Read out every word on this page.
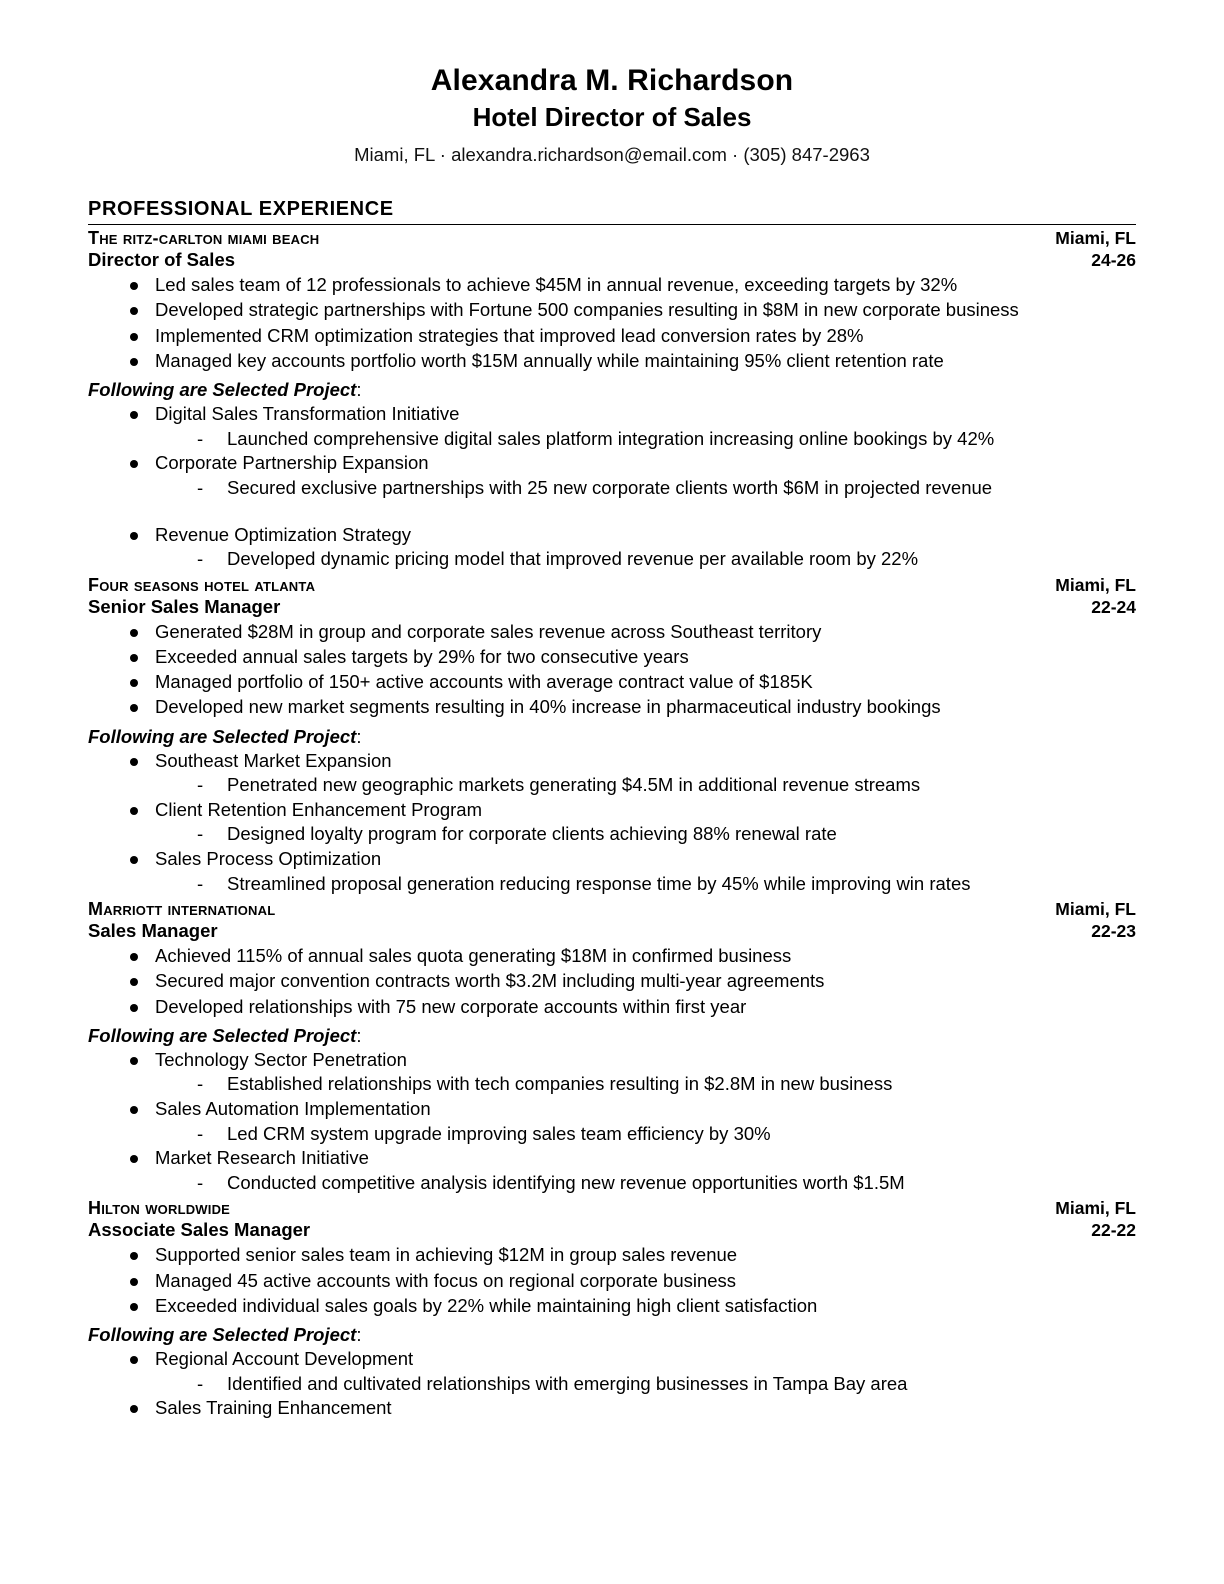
Alexandra M. Richardson
Hotel Director of Sales
Miami, FL · alexandra.richardson@email.com · (305) 847-2963
PROFESSIONAL EXPERIENCE
The ritz-carlton miami beach	Miami, FL
Director of Sales	24-26
Led sales team of 12 professionals to achieve $45M in annual revenue, exceeding targets by 32%
Developed strategic partnerships with Fortune 500 companies resulting in $8M in new corporate business
Implemented CRM optimization strategies that improved lead conversion rates by 28%
Managed key accounts portfolio worth $15M annually while maintaining 95% client retention rate
Following are Selected Project:
Digital Sales Transformation Initiative
- Launched comprehensive digital sales platform integration increasing online bookings by 42%
Corporate Partnership Expansion
- Secured exclusive partnerships with 25 new corporate clients worth $6M in projected revenue
Revenue Optimization Strategy
- Developed dynamic pricing model that improved revenue per available room by 22%
Four seasons hotel atlanta	Miami, FL
Senior Sales Manager	22-24
Generated $28M in group and corporate sales revenue across Southeast territory
Exceeded annual sales targets by 29% for two consecutive years
Managed portfolio of 150+ active accounts with average contract value of $185K
Developed new market segments resulting in 40% increase in pharmaceutical industry bookings
Following are Selected Project:
Southeast Market Expansion
- Penetrated new geographic markets generating $4.5M in additional revenue streams
Client Retention Enhancement Program
- Designed loyalty program for corporate clients achieving 88% renewal rate
Sales Process Optimization
- Streamlined proposal generation reducing response time by 45% while improving win rates
Marriott international	Miami, FL
Sales Manager	22-23
Achieved 115% of annual sales quota generating $18M in confirmed business
Secured major convention contracts worth $3.2M including multi-year agreements
Developed relationships with 75 new corporate accounts within first year
Following are Selected Project:
Technology Sector Penetration
- Established relationships with tech companies resulting in $2.8M in new business
Sales Automation Implementation
- Led CRM system upgrade improving sales team efficiency by 30%
Market Research Initiative
- Conducted competitive analysis identifying new revenue opportunities worth $1.5M
Hilton worldwide	Miami, FL
Associate Sales Manager	22-22
Supported senior sales team in achieving $12M in group sales revenue
Managed 45 active accounts with focus on regional corporate business
Exceeded individual sales goals by 22% while maintaining high client satisfaction
Following are Selected Project:
Regional Account Development
- Identified and cultivated relationships with emerging businesses in Tampa Bay area
Sales Training Enhancement
